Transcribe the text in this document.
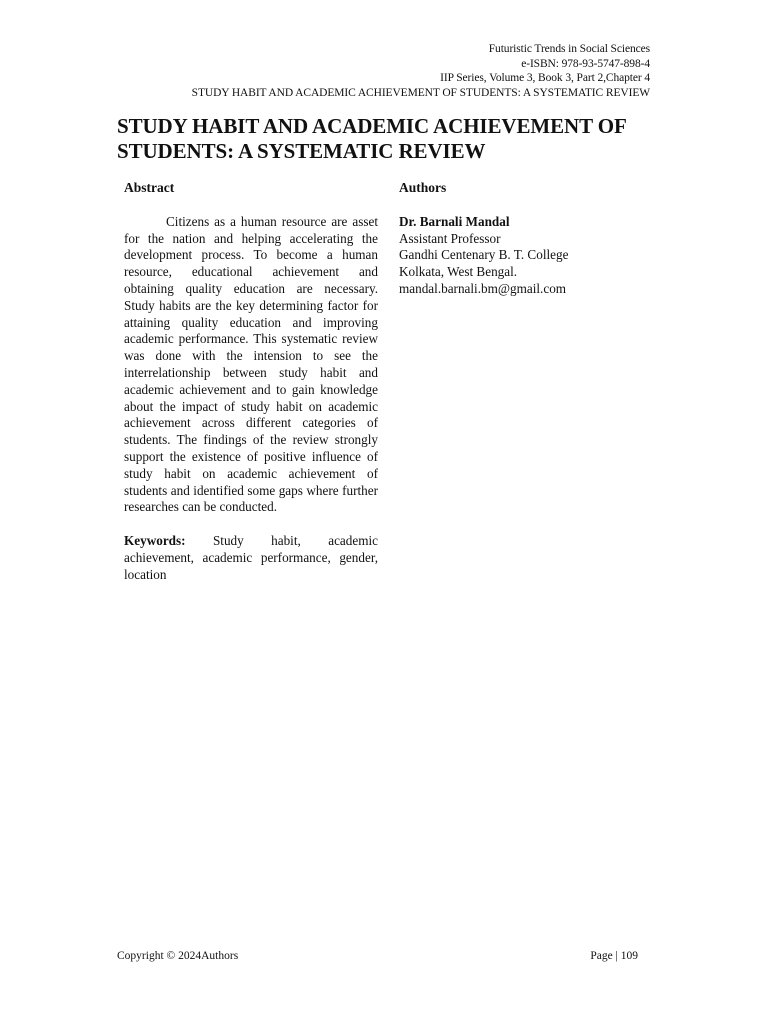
Futuristic Trends in Social Sciences
e-ISBN: 978-93-5747-898-4
IIP Series, Volume 3, Book 3, Part 2,Chapter 4
STUDY HABIT AND ACADEMIC ACHIEVEMENT OF STUDENTS: A SYSTEMATIC REVIEW
STUDY HABIT AND ACADEMIC ACHIEVEMENT OF STUDENTS: A SYSTEMATIC REVIEW
Abstract

Citizens as a human resource are asset for the nation and helping accelerating the development process. To become a human resource, educational achievement and obtaining quality education are necessary. Study habits are the key determining factor for attaining quality education and improving academic performance. This systematic review was done with the intension to see the interrelationship between study habit and academic achievement and to gain knowledge about the impact of study habit on academic achievement across different categories of students. The findings of the review strongly support the existence of positive influence of study habit on academic achievement of students and identified some gaps where further researches can be conducted.

Keywords: Study habit, academic achievement, academic performance, gender, location

Authors
Dr. Barnali Mandal
Assistant Professor
Gandhi Centenary B. T. College
Kolkata, West Bengal.
mandal.barnali.bm@gmail.com
Copyright © 2024Authors	Page | 109
